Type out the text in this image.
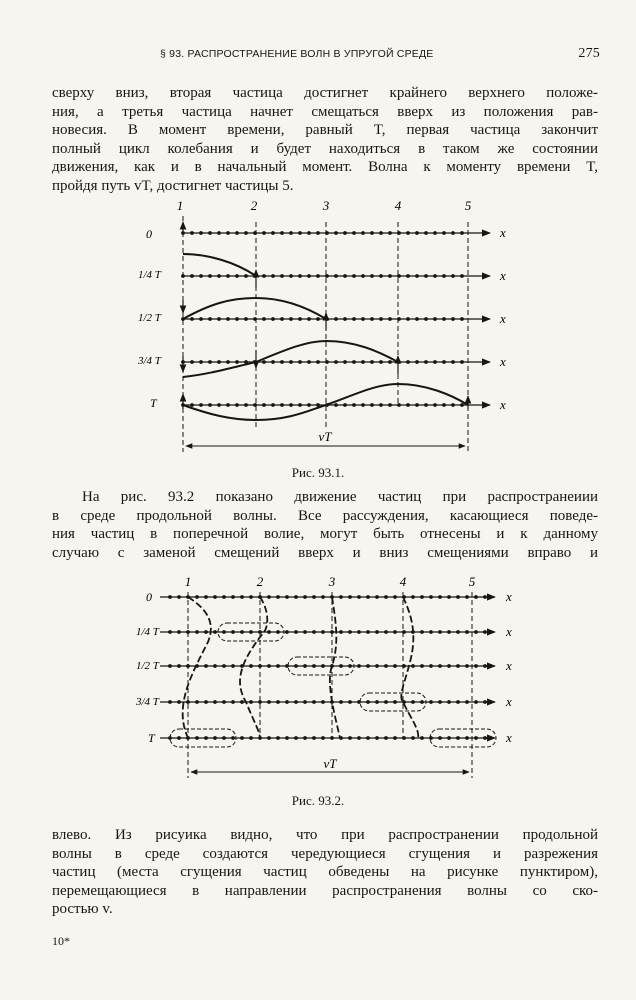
§ 93. РАСПРОСТРАНЕНИЕ ВОЛН В УПРУГОЙ СРЕДЕ	275
сверху вниз, вторая частица достигнет крайнего верхнего положе-
ния, а третья частица начнет смещаться вверх из положения рав-
новесия. В момент времени, равный T, первая частица закончит
полный цикл колебания и будет находиться в таком же состоянии
движения, как и в начальный момент. Волна к моменту времени T,
пройдя путь vT, достигнет частицы 5.
1	2	3	4	5
0
1/4 T
1/2 T
3/4 T
T
x
x
x
x
x
vT
Рис. 93.1.
На рис. 93.2 показано движение частиц при распространеиии
в среде продольной волны. Все рассуждения, касающиеся поведе-
ния частиц в поперечной волие, могут быть отнесены и к данному
случаю с заменой смещений вверх и вниз смещениями вправо и
1	2	3	4	5
0
1/4 T
1/2 T
3/4 T
T
x
x
x
x
x
vT
Рис. 93.2.
влево. Из рисуика видно, что при распространении продольной
волны в среде создаются чередующиеся сгущения и разрежения
частиц (места сгущения частиц обведены на рисунке пунктиром),
перемещающиеся в направлении распространения волны со ско-
ростью v.
10*
